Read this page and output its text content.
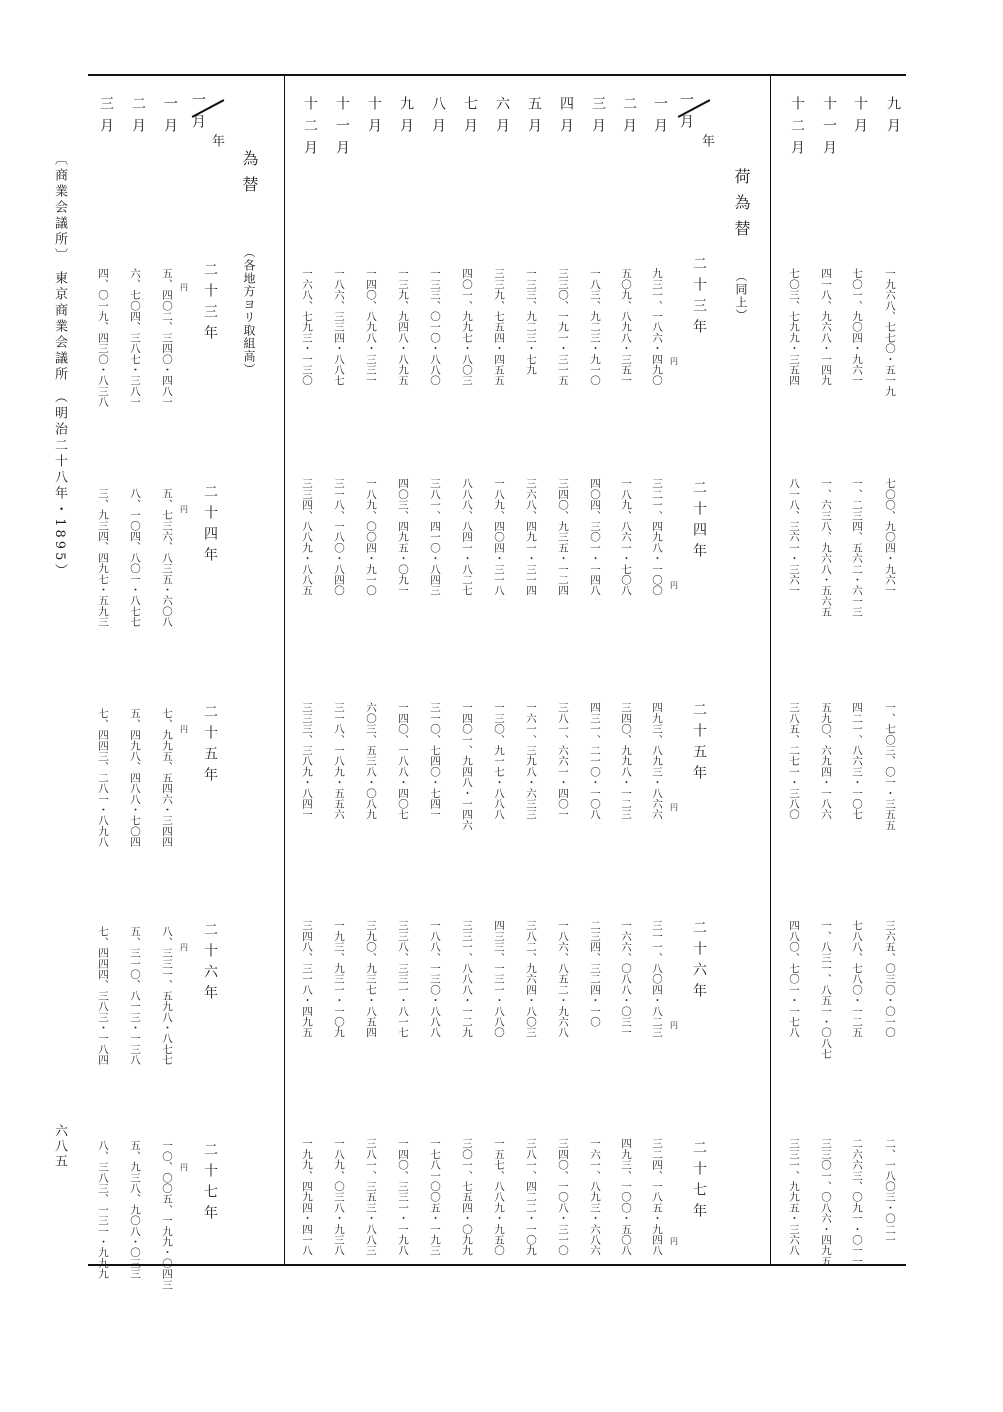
九月
十月
十一月
十二月
一九六八、七七〇・五一九
七〇一、九〇四・九六一
四一八、九六八・一四九
七〇三、七九九・三五四
七〇〇、九〇四・九六一
一、二三四、五六二・六一三
一、六三八、九六八・五六五
八一八、三六一・三六一
一、七〇三、〇一・三五五
四二一、八六三・一〇七
五九〇、六九四・一八六
三八五、二七一・三八〇
三六五、〇三〇・〇一〇
七八八、七八〇・一二五
一、八三一、八五一・〇八七
四八〇、七〇一・一七八
二、一八〇三・〇二一
二六六三、〇九一・〇一一
三三〇一、〇八六・四九五
三三一、九九五・三六八
一月
年
荷為替
（同上）
二十三年
二十四年
二十五年
二十六年
二十七年
一月
二月
三月
四月
五月
六月
七月
八月
九月
十月
十一月
十二月
円
円
円
円
円
九三一、一八六・四九〇
五〇九、八九八・三五一
一八三、九二三・九一〇
三三〇、一九一・三一五
一三三、九二三・七九
三三九、七五四・四五五
四〇一、九九七・八〇三
一三三、〇一〇・八八〇
一三九、九四八・八九五
一四〇、八九八・三三一
一八六、三三四・八八七
一六八、七九三・一三〇
三二一、四九八・一〇〇
一八九、八六一・七〇八
四〇四、三〇一・一四八
三四〇、九三五・一二四
三六八、四九一・三一四
一八九、四〇四・三一八
八八八、八四一・八二七
三八一、四一〇・八四三
四〇三、四九五・〇九一
一八九、〇〇四・九一〇
三一八、一八〇・八四〇
三三四、八八九・八八五
四九三、八九三・八六六
三四〇、九九八・一二三
四三一、二一〇・一〇八
三八一、六六一・四〇一
一六一、三九八・六三三
一三〇、九一七・八八八
一四〇一、九四八・一四六
三一〇、七四〇・七四一
一四〇、一八八・四〇七
六〇三、五三八・〇八九
三一八、一八九・五五六
三三三、三八九・八四一
三一一、八〇四・八二三
一六六、〇八八・〇三一
二三四、三二四・一〇
一八六、八五二・九六八
三八二、九六四・八〇三
四三三、一三一・八八〇
三三一、八八八・一二九
一八八、一三〇・八八八
三三八、三三一・八一七
三九〇、九三七・八五四
一九三、九三一・一〇九
三四八、三一八・四九五
三二四、一八五・九四八
四九三、一〇〇・五〇八
一六一、八九三・六八六
三四〇、一〇八・三一〇
三八一、四二二・一〇九
一五七、八八九・九五〇
三〇一、七五四・〇九九
一七八一〇〇五・一九三
一四〇、三三一・一九八
三八一、三五三・八八三
一八九、〇三八・九三八
一九九、四九四・四一八
一月
年
為替
（各地方ヨリ取組高）
二十三年
二十四年
二十五年
二十六年
二十七年
一月
二月
三月
円
円
円
円
円
五、四〇二、三四〇・四八一
六、七〇四、三八七・三八一
四、〇一九、四三〇・八三八
五、七三六、八三五・六〇八
八、一〇四、八〇一・八七七
三、九三四、四九七・五九三
七、九九五、五四六・三四四
五、四九八、四八八・七〇四
七、四四三、二八一・八九八
八、三三一、五九八・八七七
五、三一〇、八一三・一三八
七、四四四、三八三・一八四
一〇、〇〇五、一九九・〇四三
五、九三八、九〇八・〇三三
八、三八三、一三一・九九九
〔商業会議所〕 東京商業会議所 （明治二十八年・1895）
六八五
